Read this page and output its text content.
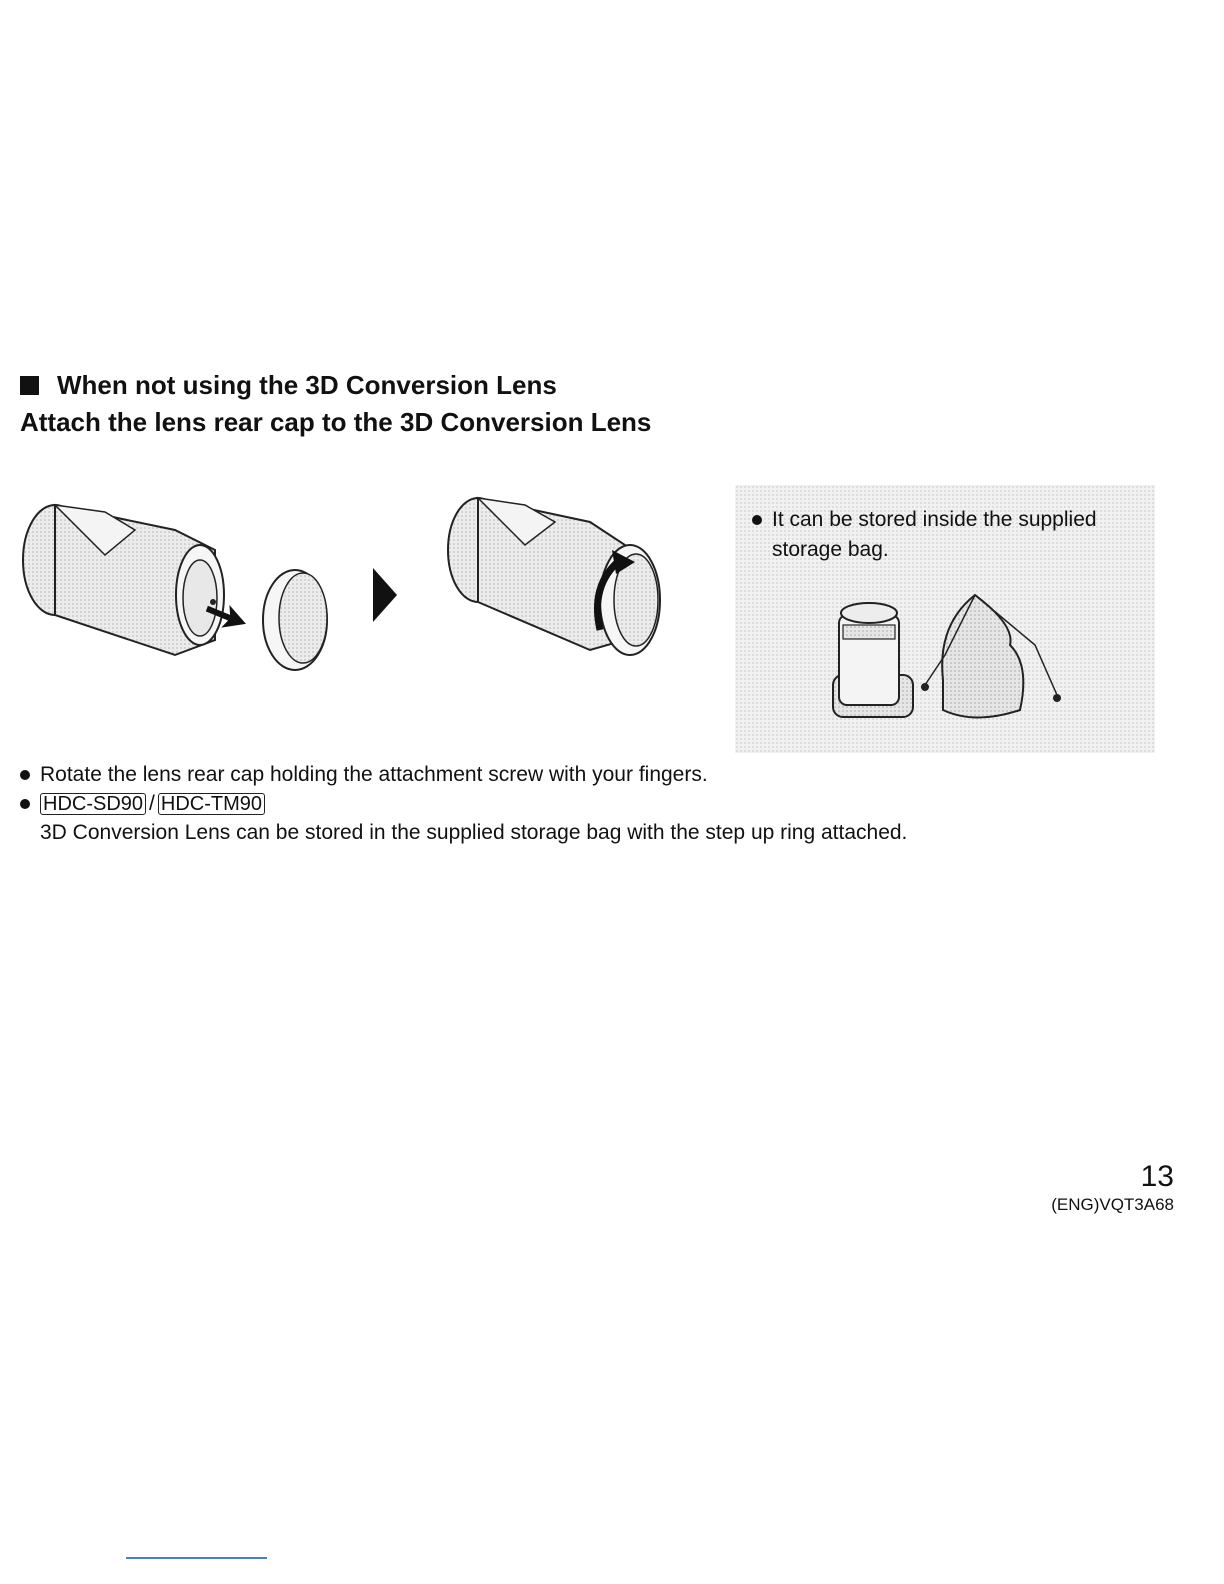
When not using the 3D Conversion Lens
Attach the lens rear cap to the 3D Conversion Lens
It can be stored inside the supplied storage bag.
Rotate the lens rear cap holding the attachment screw with your fingers.
HDC-SD90 / HDC-TM90
3D Conversion Lens can be stored in the supplied storage bag with the step up ring attached.
13
(ENG)VQT3A68
